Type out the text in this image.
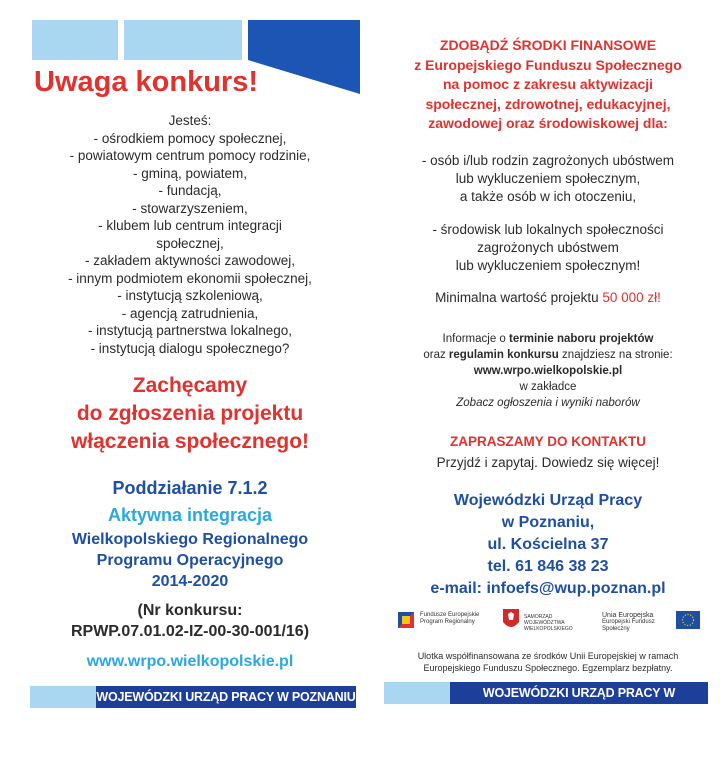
Uwaga konkurs!
Jesteś:
- ośrodkiem pomocy społecznej,
- powiatowym centrum pomocy rodzinie,
- gminą, powiatem,
- fundacją,
- stowarzyszeniem,
- klubem lub centrum integracji
społecznej,
- zakładem aktywności zawodowej,
- innym podmiotem ekonomii społecznej,
- instytucją szkoleniową,
- agencją zatrudnienia,
- instytucją partnerstwa lokalnego,
- instytucją dialogu społecznego?
Zachęcamy
do zgłoszenia projektu
włączenia społecznego!
Poddziałanie 7.1.2
Aktywna integracja
Wielkopolskiego Regionalnego
Programu Operacyjnego
2014-2020
(Nr konkursu:
RPWP.07.01.02-IZ-00-30-001/16)
www.wrpo.wielkopolskie.pl
WOJEWÓDZKI URZĄD PRACY W POZNANIU
ZDOBĄDŹ ŚRODKI FINANSOWE
z Europejskiego Funduszu Społecznego
na pomoc z zakresu aktywizacji
społecznej, zdrowotnej, edukacyjnej,
zawodowej oraz środowiskowej dla:
- osób i/lub rodzin zagrożonych ubóstwem
lub wykluczeniem społecznym,
a także osób w ich otoczeniu,
- środowisk lub lokalnych społeczności
zagrożonych ubóstwem
lub wykluczeniem społecznym!
Minimalna wartość projektu 50 000 zł!
Informacje o terminie naboru projektów
oraz regulamin konkursu znajdziesz na stronie:
www.wrpo.wielkopolskie.pl
w zakładce
Zobacz ogłoszenia i wyniki naborów
ZAPRASZAMY DO KONTAKTU
Przyjdź i zapytaj. Dowiedz się więcej!
Wojewódzki Urząd Pracy
w Poznaniu,
ul. Kościelna 37
tel. 61 846 38 23
e-mail: infoefs@wup.poznan.pl
Fundusze Europejskie
Program Regionalny
SAMORZĄD WOJEWÓDZTWA WIELKOPOLSKIEGO
Unia Europejska
Europejski Fundusz Społeczny
Ulotka współfinansowana ze środków Unii Europejskiej w ramach
Europejskiego Funduszu Społecznego. Egzemplarz bezpłatny.
WOJEWÓDZKI URZĄD PRACY W POZNANIU
